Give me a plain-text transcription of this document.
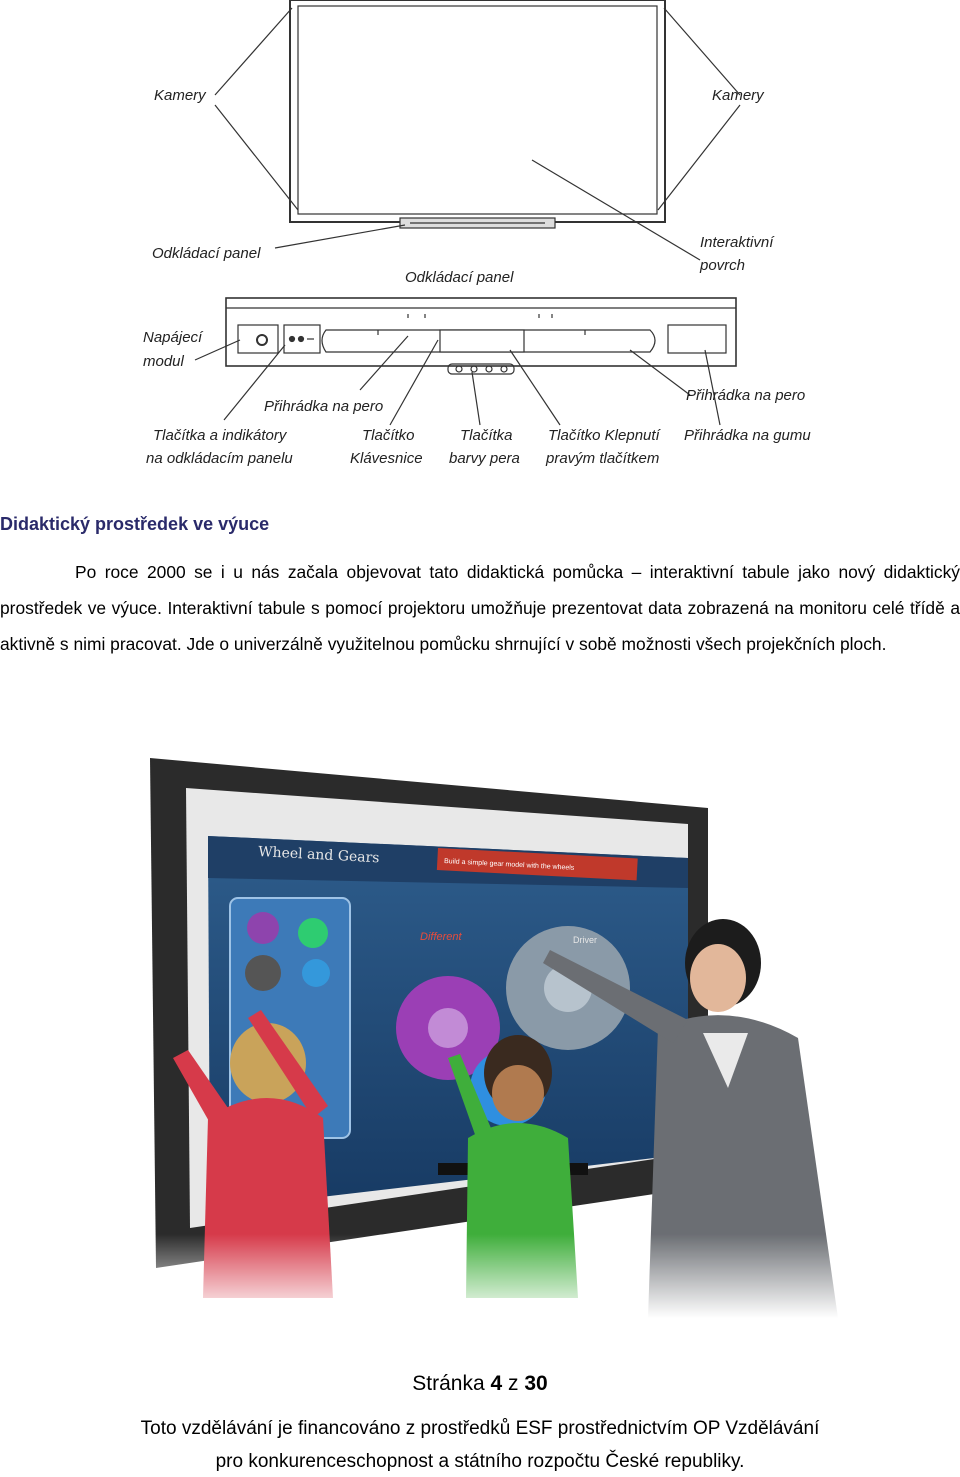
Kamery	Kamery
Odkládací panel
Interaktivní
povrch
Odkládací panel
Napájecí
modul
Přihrádka na pero
Přihrádka na pero
Tlačítka a indikátory
na odkládacím panelu
Tlačítko
Klávesnice
Tlačítka
barvy pera
Tlačítko Klepnutí
pravým tlačítkem
Přihrádka na gumu
Didaktický prostředek ve výuce

Po roce 2000 se i u nás začala objevovat tato didaktická pomůcka – interaktivní tabule jako nový didaktický prostředek ve výuce. Interaktivní tabule s pomocí projektoru umožňuje prezentovat data zobrazená na monitoru celé třídě a aktivně s nimi pracovat. Jde o univerzálně využitelnou pomůcku shrnující v sobě možnosti všech projekčních ploch.

Stránka 4 z 30
Toto vzdělávání je financováno z prostředků ESF prostřednictvím OP Vzdělávání
pro konkurenceschopnost a státního rozpočtu České republiky.
